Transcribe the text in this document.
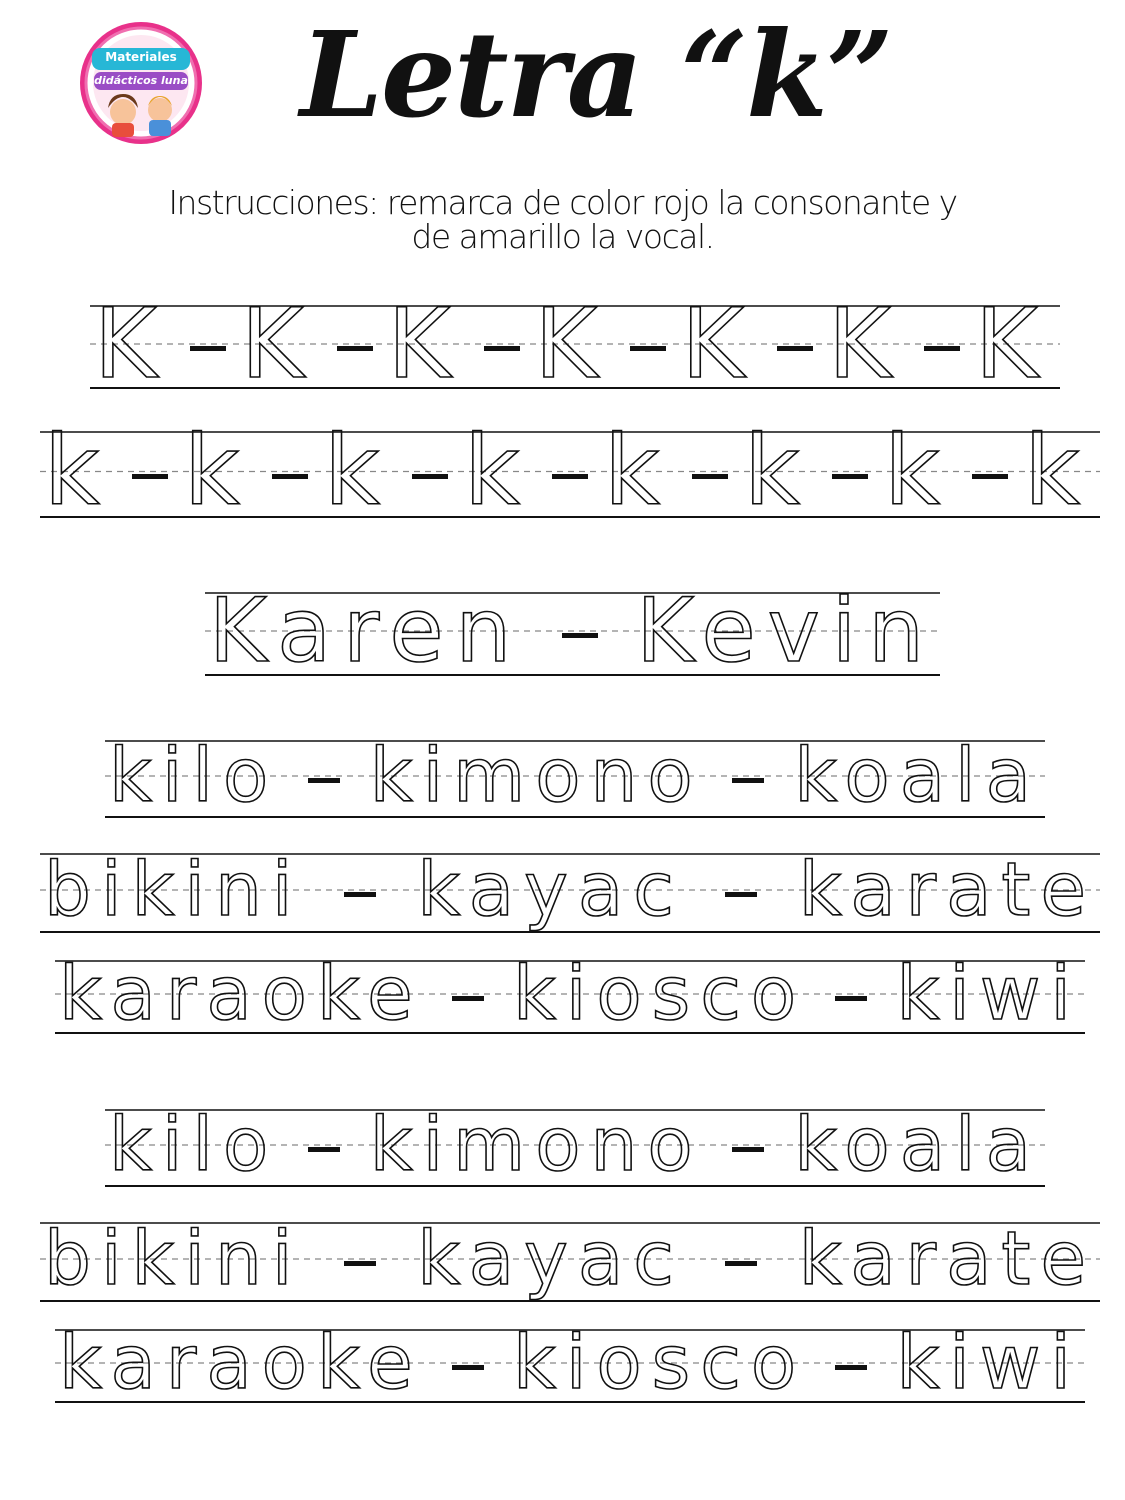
Materiales
didácticos luna Letra “k”
Instrucciones: remarca de color rojo la consonante y
de amarillo la vocal.
K K K K K K K
k k k k k k k k
Karen Kevin
kilo kimono koala
bikini kayac karate
karaoke kiosco kiwi
kilo kimono koala
bikini kayac karate
karaoke kiosco kiwi
